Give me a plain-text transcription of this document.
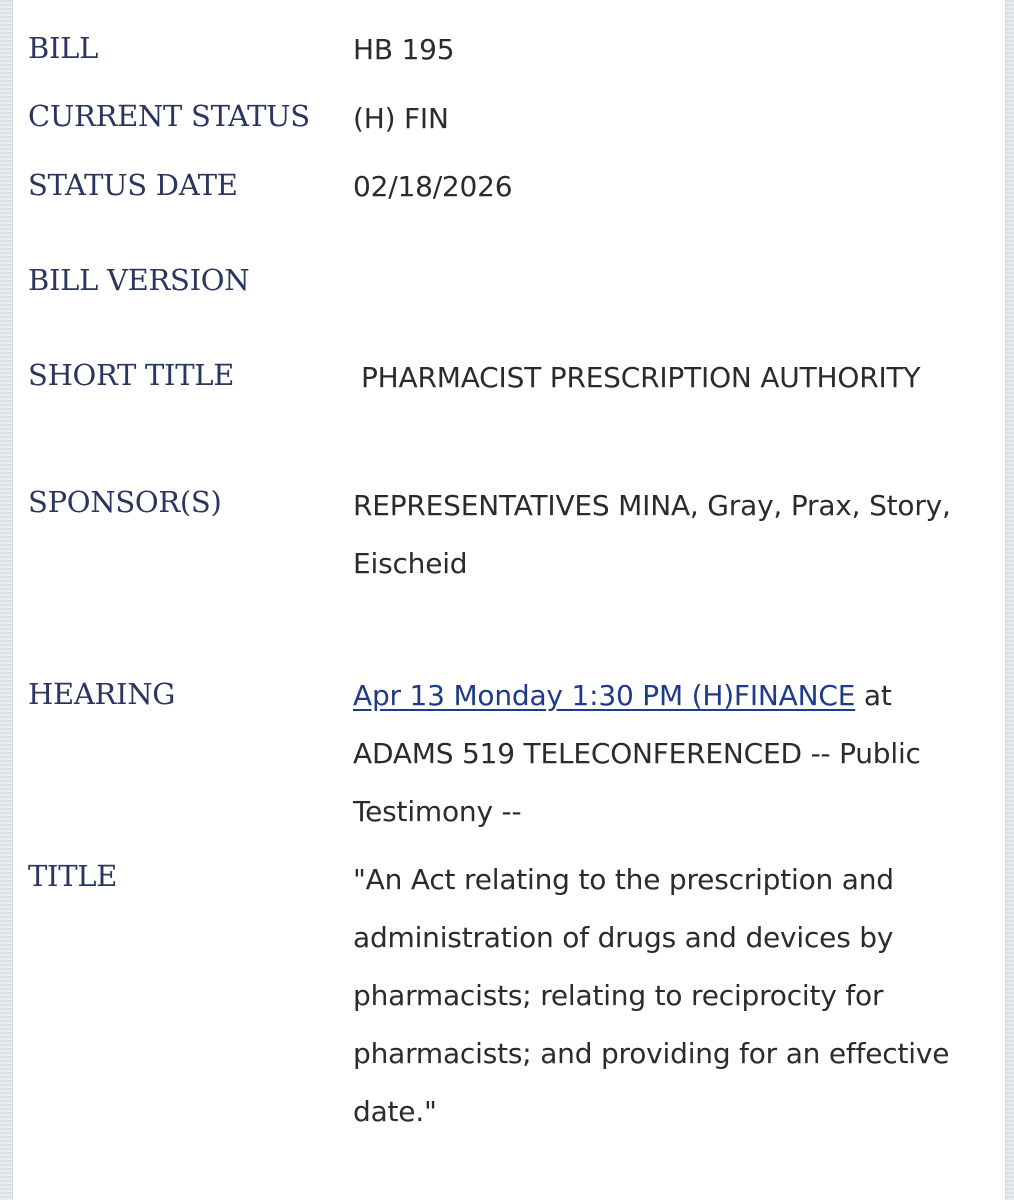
BILL	HB 195
CURRENT STATUS (H) FIN
STATUS DATE	02/18/2026
BILL VERSION
SHORT TITLE	PHARMACIST PRESCRIPTION AUTHORITY
SPONSOR(S)	REPRESENTATIVES MINA, Gray, Prax, Story, Eischeid
HEARING	Apr 13 Monday 1:30 PM (H)FINANCE at ADAMS 519 TELECONFERENCED -- Public Testimony --
TITLE	"An Act relating to the prescription and administration of drugs and devices by pharmacists; relating to reciprocity for pharmacists; and providing for an effective date."
